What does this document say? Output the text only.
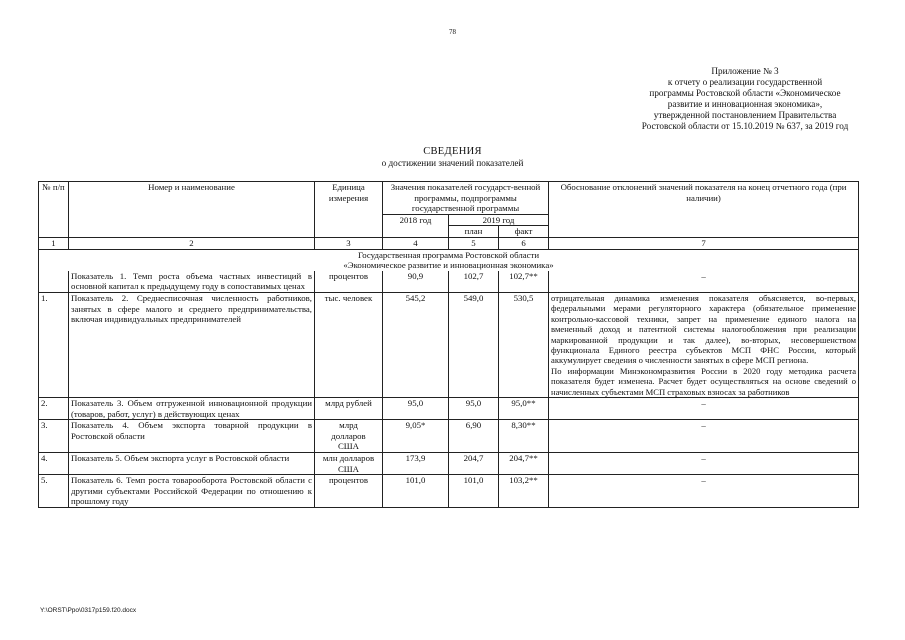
78
Приложение № 3
к отчету о реализации государственной
программы Ростовской области «Экономическое
развитие и инновационная экономика»,
утвержденной постановлением Правительства
Ростовской области от 15.10.2019 № 637, за 2019 год
СВЕДЕНИЯ
о достижении значений показателей
№ п/п	Номер и наименование	Единица измерения	Значения показателей государст-венной программы, подпрограммы государственной программы			Обоснование отклонений значений показателя на конец отчетного года (при наличии)
			2018 год	2019 год		
				план	факт	
1	2	3	4	5	6	7

Государственная программа Ростовской области
«Экономическое развитие и инновационная экономика»						

	Показатель 1. Темп роста объема частных инвестиций в основной капитал к предыдущему году в сопоставимых ценах	процентов	90,9	102,7	102,7**	–
1.	Показатель 2. Среднесписочная численность работников, занятых в сфере малого и среднего предпринимательства, включая индивидуальных предпринимателей	тыс. человек	545,2	549,0	530,5	отрицательная динамика изменения показателя объясняется, во-первых, федеральными мерами регуляторного характера (обязательное применение контрольно-кассовой техники, запрет на применение единого налога на вмененный доход и патентной системы налогообложения при реализации маркированной продукции и так далее), во-вторых, несовершенством функционала Единого реестра субъектов МСП ФНС России, который аккумулирует сведения о численности занятых в сфере МСП региона.
По информации Минэкономразвития России в 2020 году методика расчета показателя будет изменена. Расчет будет осуществляться на основе сведений о начисленных субъектами МСП страховых взносах за работников

2.	Показатель 3. Объем отгруженной инновационной продукции (товаров, работ, услуг) в действующих ценах	млрд рублей	95,0	95,0	95,0**	–
3.	Показатель 4. Объем экспорта товарной продукции в Ростовской области	млрд долларов США	9,05*	6,90	8,30**	–
4.	Показатель 5. Объем экспорта услуг в Ростовской области	млн долларов США	173,9	204,7	204,7**	–
5.	Показатель 6. Темп роста товарооборота Ростовской области с другими субъектами Российской Федерации по отношению к прошлому году	процентов	101,0	101,0	103,2**	–
Y:\ORST\Ppo\0317p159.f20.docx
